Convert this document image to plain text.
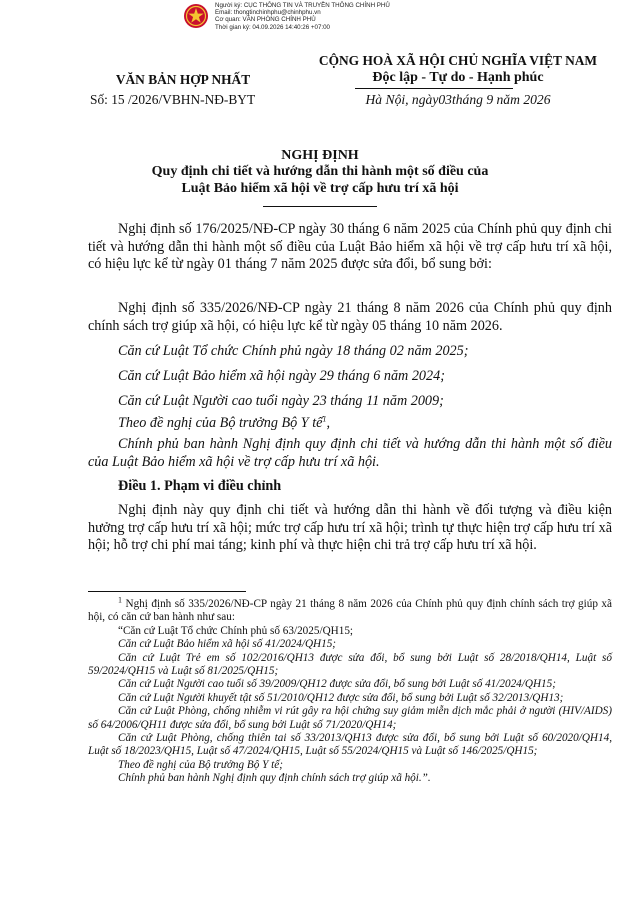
Người ký: CỤC THÔNG TIN VÀ TRUYỀN THÔNG CHÍNH PHỦ
Email: thongtinchinhphu@chinhphu.vn
Cơ quan: VĂN PHÒNG CHÍNH PHỦ
Thời gian ký: 04.09.2026 14:40:26 +07:00
VĂN BẢN HỢP NHẤT
Số: 15 /2026/VBHN-NĐ-BYT
CỘNG HOÀ XÃ HỘI CHỦ NGHĨA VIỆT NAM
Độc lập - Tự do - Hạnh phúc
Hà Nội, ngày03tháng 9 năm 2026
NGHỊ ĐỊNH
Quy định chi tiết và hướng dẫn thi hành một số điều của
Luật Bảo hiểm xã hội về trợ cấp hưu trí xã hội

Nghị định số 176/2025/NĐ-CP ngày 30 tháng 6 năm 2025 của Chính phủ quy định chi tiết và hướng dẫn thi hành một số điều của Luật Bảo hiểm xã hội về trợ cấp hưu trí xã hội, có hiệu lực kể từ ngày 01 tháng 7 năm 2025 được sửa đổi, bổ sung bởi:

Nghị định số 335/2026/NĐ-CP ngày 21 tháng 8 năm 2026 của Chính phủ quy định chính sách trợ giúp xã hội, có hiệu lực kể từ ngày 05 tháng 10 năm 2026.

Căn cứ Luật Tổ chức Chính phủ ngày 18 tháng 02 năm 2025;

Căn cứ Luật Bảo hiểm xã hội ngày 29 tháng 6 năm 2024;

Căn cứ Luật Người cao tuổi ngày 23 tháng 11 năm 2009;

Theo đề nghị của Bộ trưởng Bộ Y tế$^1$,

Chính phủ ban hành Nghị định quy định chi tiết và hướng dẫn thi hành một số điều của Luật Bảo hiểm xã hội về trợ cấp hưu trí xã hội.

Điều 1. Phạm vi điều chỉnh

Nghị định này quy định chi tiết và hướng dẫn thi hành về đối tượng và điều kiện hưởng trợ cấp hưu trí xã hội; mức trợ cấp hưu trí xã hội; trình tự thực hiện trợ cấp hưu trí xã hội; hỗ trợ chi phí mai táng; kinh phí và thực hiện chi trả trợ cấp hưu trí xã hội.

$^1$ Nghị định số 335/2026/NĐ-CP ngày 21 tháng 8 năm 2026 của Chính phủ quy định chính sách trợ giúp xã hội, có căn cứ ban hành như sau:

“Căn cứ Luật Tổ chức Chính phủ số 63/2025/QH15;

Căn cứ Luật Bảo hiểm xã hội số 41/2024/QH15;

Căn cứ Luật Trẻ em số 102/2016/QH13 được sửa đổi, bổ sung bởi Luật số 28/2018/QH14, Luật số 59/2024/QH15 và Luật số 81/2025/QH15;

Căn cứ Luật Người cao tuổi số 39/2009/QH12 được sửa đổi, bổ sung bởi Luật số 41/2024/QH15;

Căn cứ Luật Người khuyết tật số 51/2010/QH12 được sửa đổi, bổ sung bởi Luật số 32/2013/QH13;

Căn cứ Luật Phòng, chống nhiễm vi rút gây ra hội chứng suy giảm miễn dịch mắc phải ở người (HIV/AIDS) số 64/2006/QH11 được sửa đổi, bổ sung bởi Luật số 71/2020/QH14;

Căn cứ Luật Phòng, chống thiên tai số 33/2013/QH13 được sửa đổi, bổ sung bởi Luật số 60/2020/QH14, Luật số 18/2023/QH15, Luật số 47/2024/QH15, Luật số 55/2024/QH15 và Luật số 146/2025/QH15;

Theo đề nghị của Bộ trưởng Bộ Y tế;

Chính phủ ban hành Nghị định quy định chính sách trợ giúp xã hội.”.
